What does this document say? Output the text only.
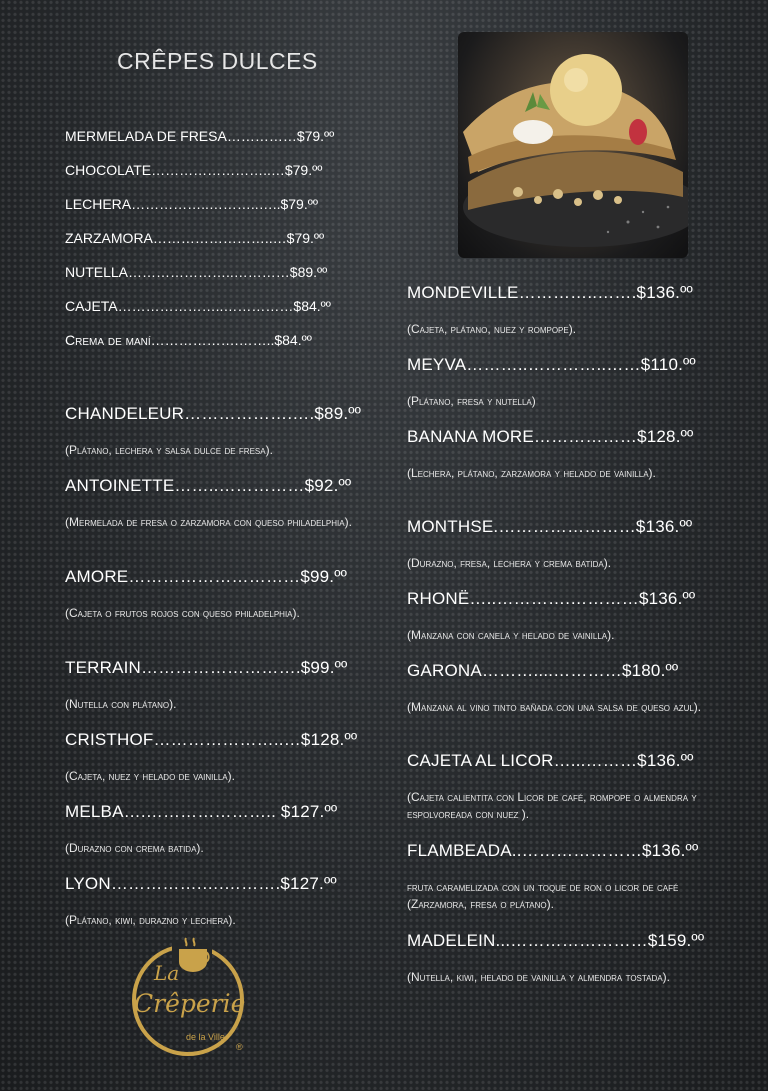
CRÊPES DULCES
MERMELADA DE FRESA……………$79.ºº
CHOCOLATE……………………..…$79.ºº
LECHERA……………..………..…..$79.ºº
ZARZAMORA……………………..…$79.ºº
NUTELLA…………………..…………$89.ºº
CAJETA…………………..……………$84.ºº
Crema de maní……………….……..$84.ºº
CHANDELEUR……………….….$89.ºº
(Plátano, lechera y salsa dulce de fresa).
ANTOINETTE……..……………$92.ºº
(Mermelada de fresa o zarzamora con queso philadelphia).
AMORE…………………………$99.ºº
(Cajeta o frutos rojos con queso philadelphia).
TERRAIN……………………….$99.ºº
(Nutella con plátano).
CRISTHOF…………………..…$128.ºº
(Cajeta, nuez y helado de vainilla).
MELBA….………………….. $127.ºº
(Durazno con crema batida).
LYON…………….….……….$127.ºº
(Plátano, kiwi, durazno y lechera).
MONDEVILLE…………..…….$136.ºº
(Cajeta, plátano, nuez y rompope).
MEYVA………..…………..……$110.ºº
(Plátano, fresa y nutella)
BANANA MORE………………$128.ºº
(Lechera, plátano, zarzamora y helado de vainilla).
MONTHSE.……………………$136.ºº
(Durazno, fresa, lechera y crema batida).
RHONË…..………….…………$136.ºº
(Manzana con canela y helado de vainilla).
GARONA………....…………$180.ºº
(Manzana al vino tinto bañada con una salsa de queso azul).
CAJETA AL LICOR…...………$136.ºº
(Cajeta calientita con Licor de café, rompope o almendra y espolvoreada con nuez ).
FLAMBEADA..…………………$136.ºº
fruta caramelizada con un toque de ron o licor de café (Zarzamora, fresa o plátano).
MADELEIN...……………………$159.ºº
(Nutella, kiwi, helado de vainilla y almendra tostada).
La
Crêperie
de la Ville
®
